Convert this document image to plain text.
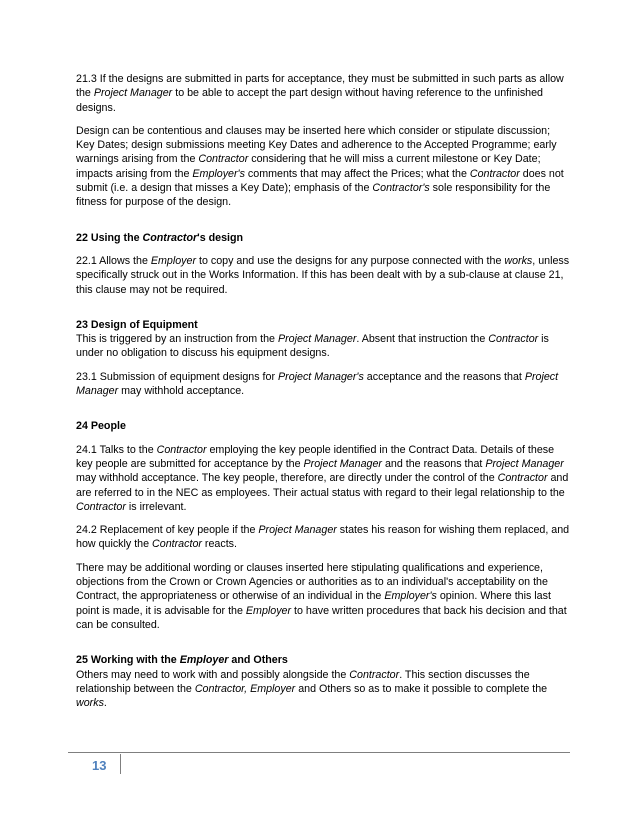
21.3 If the designs are submitted in parts for acceptance, they must be submitted in such parts as allow the Project Manager to be able to accept the part design without having reference to the unfinished designs.

Design can be contentious and clauses may be inserted here which consider or stipulate discussion; Key Dates; design submissions meeting Key Dates and adherence to the Accepted Programme; early warnings arising from the Contractor considering that he will miss a current milestone or Key Date; impacts arising from the Employer's comments that may affect the Prices; what the Contractor does not submit (i.e. a design that misses a Key Date); emphasis of the Contractor's sole responsibility for the fitness for purpose of the design.

22 Using the Contractor's design

22.1 Allows the Employer to copy and use the designs for any purpose connected with the works, unless specifically struck out in the Works Information. If this has been dealt with by a sub-clause at clause 21, this clause may not be required.

23 Design of Equipment

This is triggered by an instruction from the Project Manager. Absent that instruction the Contractor is under no obligation to discuss his equipment designs.

23.1 Submission of equipment designs for Project Manager's acceptance and the reasons that Project Manager may withhold acceptance.

24 People

24.1 Talks to the Contractor employing the key people identified in the Contract Data. Details of these key people are submitted for acceptance by the Project Manager and the reasons that Project Manager may withhold acceptance. The key people, therefore, are directly under the control of the Contractor and are referred to in the NEC as employees. Their actual status with regard to their legal relationship to the Contractor is irrelevant.

24.2 Replacement of key people if the Project Manager states his reason for wishing them replaced, and how quickly the Contractor reacts.

There may be additional wording or clauses inserted here stipulating qualifications and experience, objections from the Crown or Crown Agencies or authorities as to an individual's acceptability on the Contract, the appropriateness or otherwise of an individual in the Employer's opinion. Where this last point is made, it is advisable for the Employer to have written procedures that back his decision and that can be consulted.

25 Working with the Employer and Others

Others may need to work with and possibly alongside the Contractor. This section discusses the relationship between the Contractor, Employer and Others so as to make it possible to complete the works.

13
